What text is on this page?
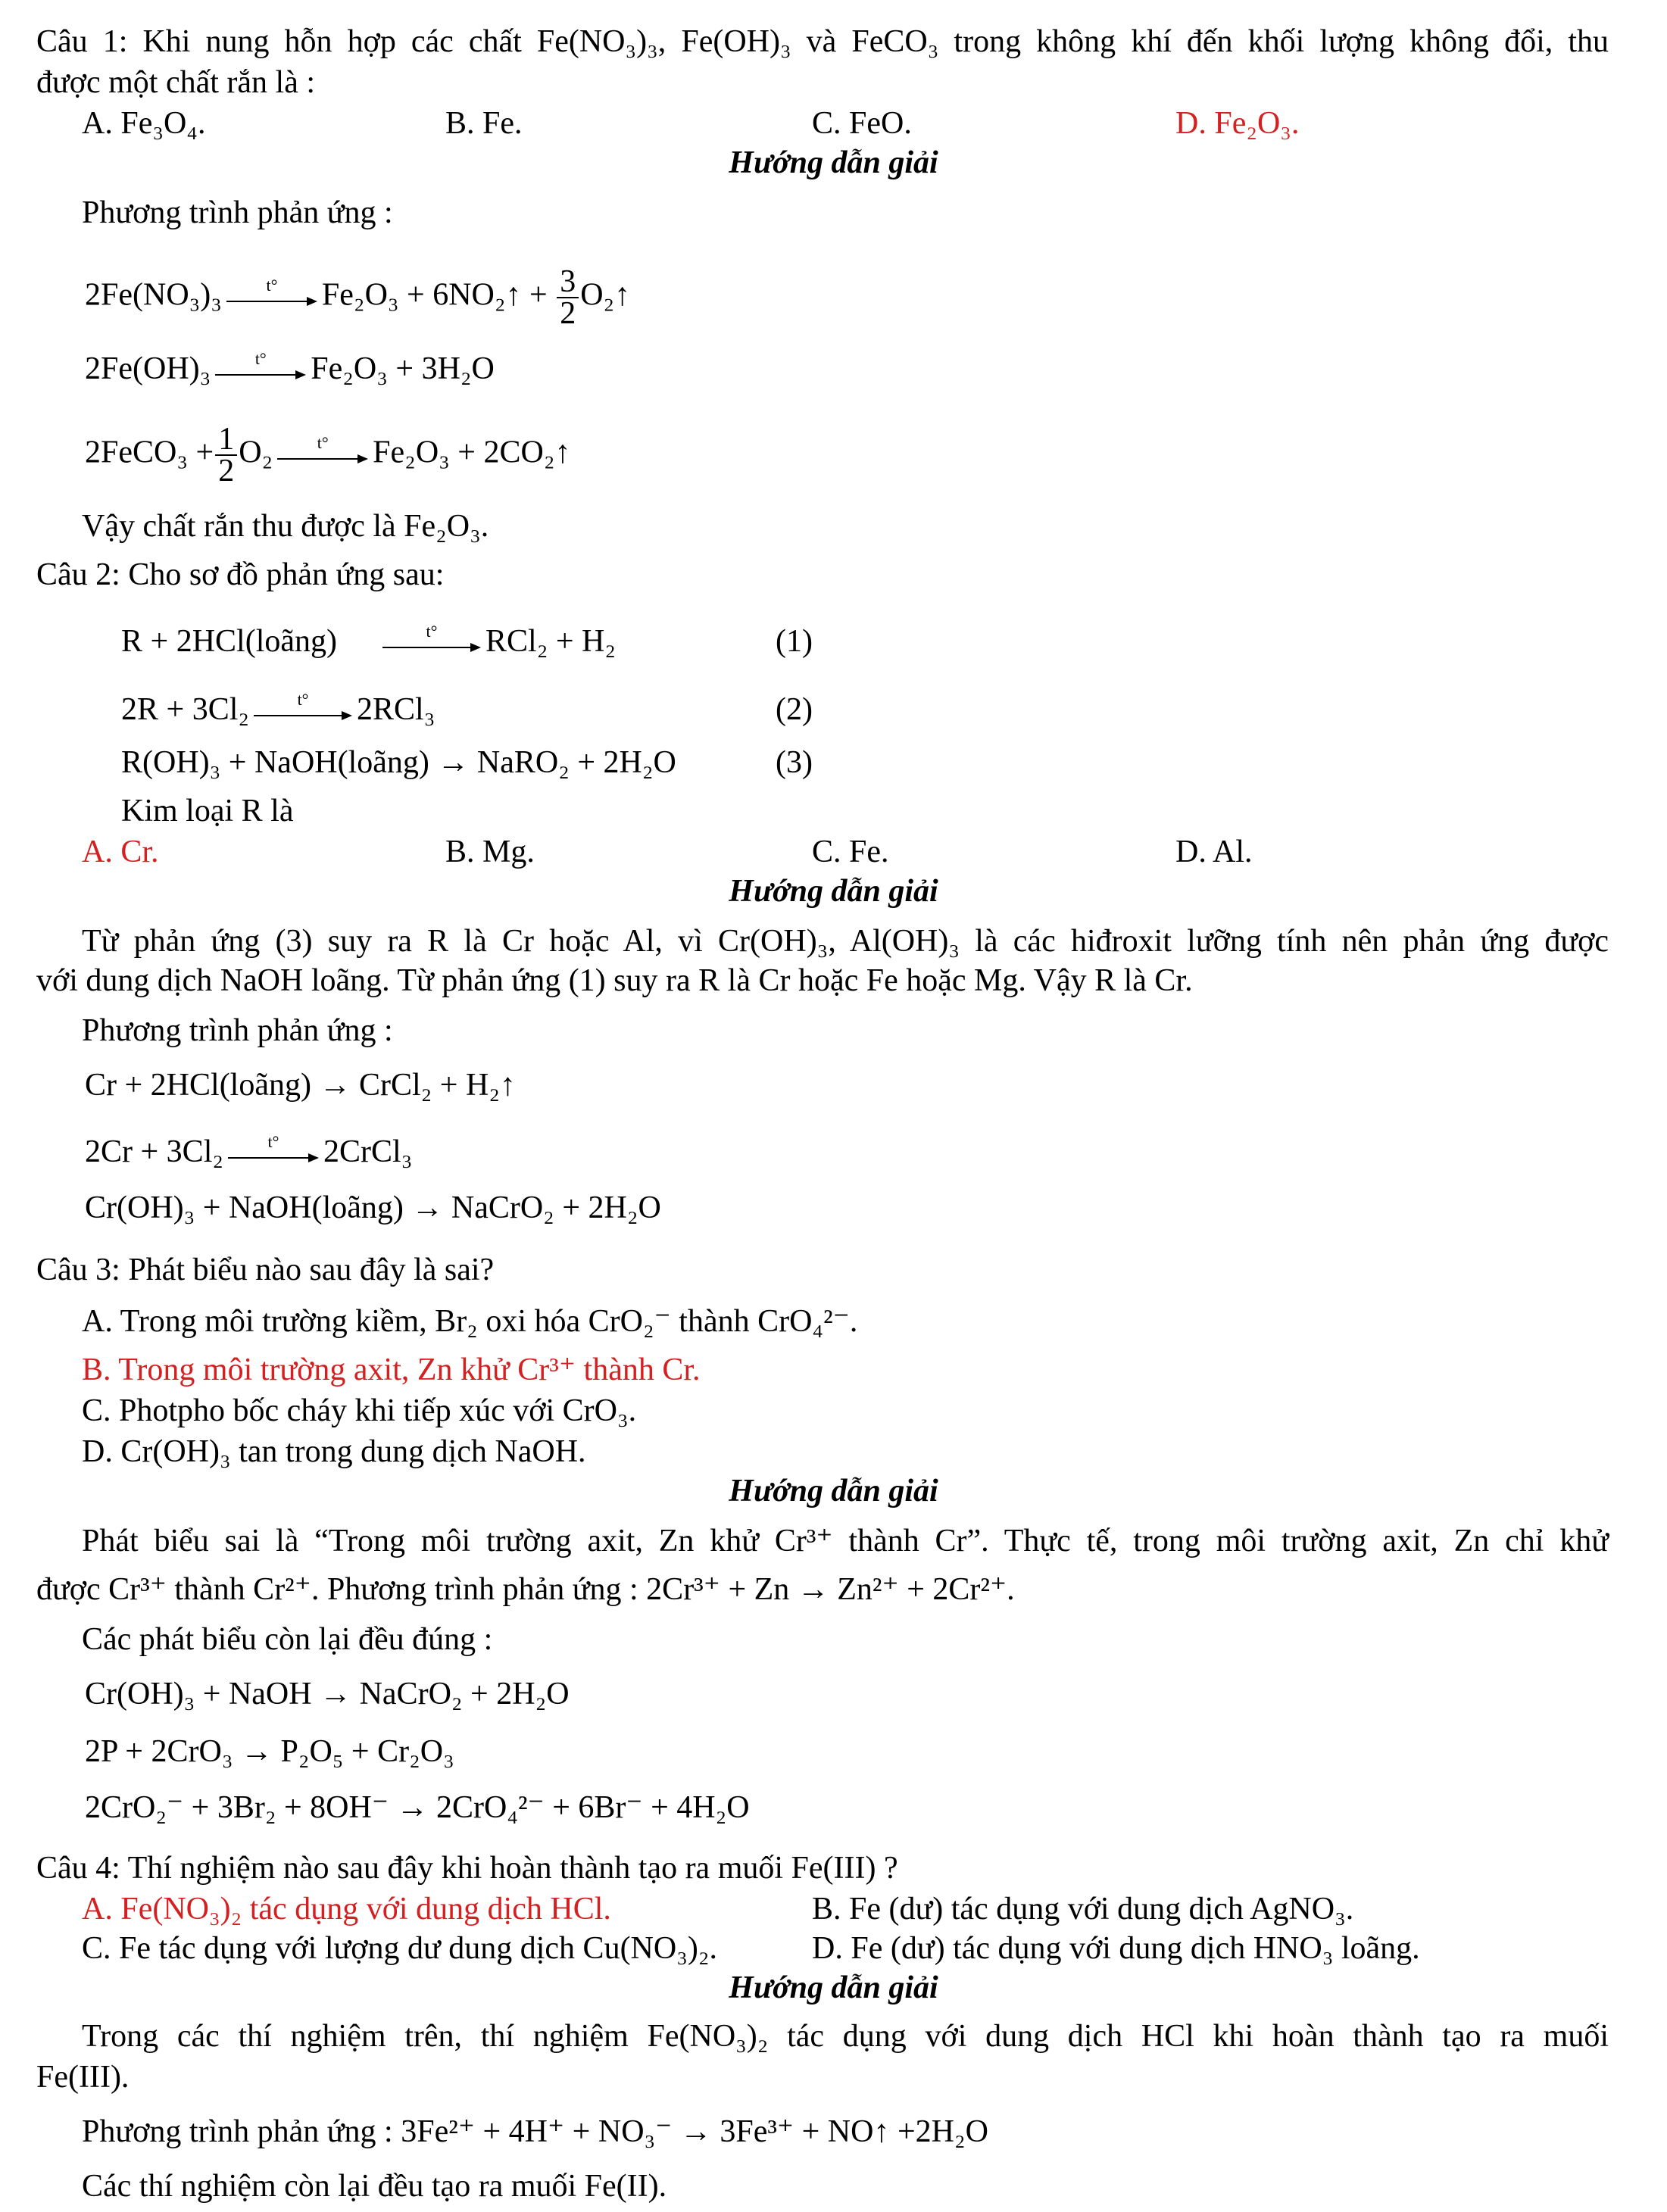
Câu 1: Khi nung hỗn hợp các chất Fe(NO₃)₃, Fe(OH)₃ và FeCO₃ trong không khí đến khối lượng không đổi, thu
được một chất rắn là :
A. Fe₃O₄.	B. Fe.	C. FeO.	D. Fe₂O₃.
Hướng dẫn giải
Phương trình phản ứng :
2Fe(NO₃)₃	t°	Fe₂O₃ + 6NO₂↑ + $\frac{3}{2}$ O₂↑
2Fe(OH)₃	t°	Fe₂O₃ + 3H₂O
2FeCO₃ + $\frac{1}{2} O_2$	t°	Fe₂O₃ + 2CO₂↑
Vậy chất rắn thu được là Fe₂O₃.
Câu 2: Cho sơ đồ phản ứng sau:
R + 2HCl(loãng)	t°	RCl₂ + H₂	(1)
2R + 3Cl₂	t°	2RCl₃	(2)
R(OH)₃ + NaOH(loãng) → NaRO₂ + 2H₂O	(3)
Kim loại R là
A. Cr.	B. Mg.	C. Fe.	D. Al.
Hướng dẫn giải
Từ phản ứng (3) suy ra R là Cr hoặc Al, vì Cr(OH)₃, Al(OH)₃ là các hiđroxit lưỡng tính nên phản ứng được
với dung dịch NaOH loãng. Từ phản ứng (1) suy ra R là Cr hoặc Fe hoặc Mg. Vậy R là Cr.
Phương trình phản ứng :
Cr + 2HCl(loãng) → CrCl₂ + H₂↑
2Cr + 3Cl₂	t°	2CrCl₃
Cr(OH)₃ + NaOH(loãng) → NaCrO₂ + 2H₂O
Câu 3: Phát biểu nào sau đây là sai?
A. Trong môi trường kiềm, Br₂ oxi hóa CrO₂⁻ thành CrO₄²⁻.
B. Trong môi trường axit, Zn khử Cr³⁺ thành Cr.
C. Photpho bốc cháy khi tiếp xúc với CrO₃.
D. Cr(OH)₃ tan trong dung dịch NaOH.
Hướng dẫn giải
Phát biểu sai là “Trong môi trường axit, Zn khử Cr³⁺ thành Cr”. Thực tế, trong môi trường axit, Zn chỉ khử
được Cr³⁺ thành Cr²⁺. Phương trình phản ứng : 2Cr³⁺ + Zn → Zn²⁺ + 2Cr²⁺.
Các phát biểu còn lại đều đúng :
Cr(OH)₃ + NaOH → NaCrO₂ + 2H₂O
2P + 2CrO₃ → P₂O₅ + Cr₂O₃
2CrO₂⁻ + 3Br₂ + 8OH⁻ → 2CrO₄²⁻ + 6Br⁻ + 4H₂O
Câu 4: Thí nghiệm nào sau đây khi hoàn thành tạo ra muối Fe(III) ?
A. Fe(NO₃)₂ tác dụng với dung dịch HCl.	B. Fe (dư) tác dụng với dung dịch AgNO₃.
C. Fe tác dụng với lượng dư dung dịch Cu(NO₃)₂.	D. Fe (dư) tác dụng với dung dịch HNO₃ loãng.
Hướng dẫn giải
Trong các thí nghiệm trên, thí nghiệm Fe(NO₃)₂ tác dụng với dung dịch HCl khi hoàn thành tạo ra muối
Fe(III).
Phương trình phản ứng : 3Fe²⁺ + 4H⁺ + NO₃⁻ → 3Fe³⁺ + NO↑ +2H₂O
Các thí nghiệm còn lại đều tạo ra muối Fe(II).
